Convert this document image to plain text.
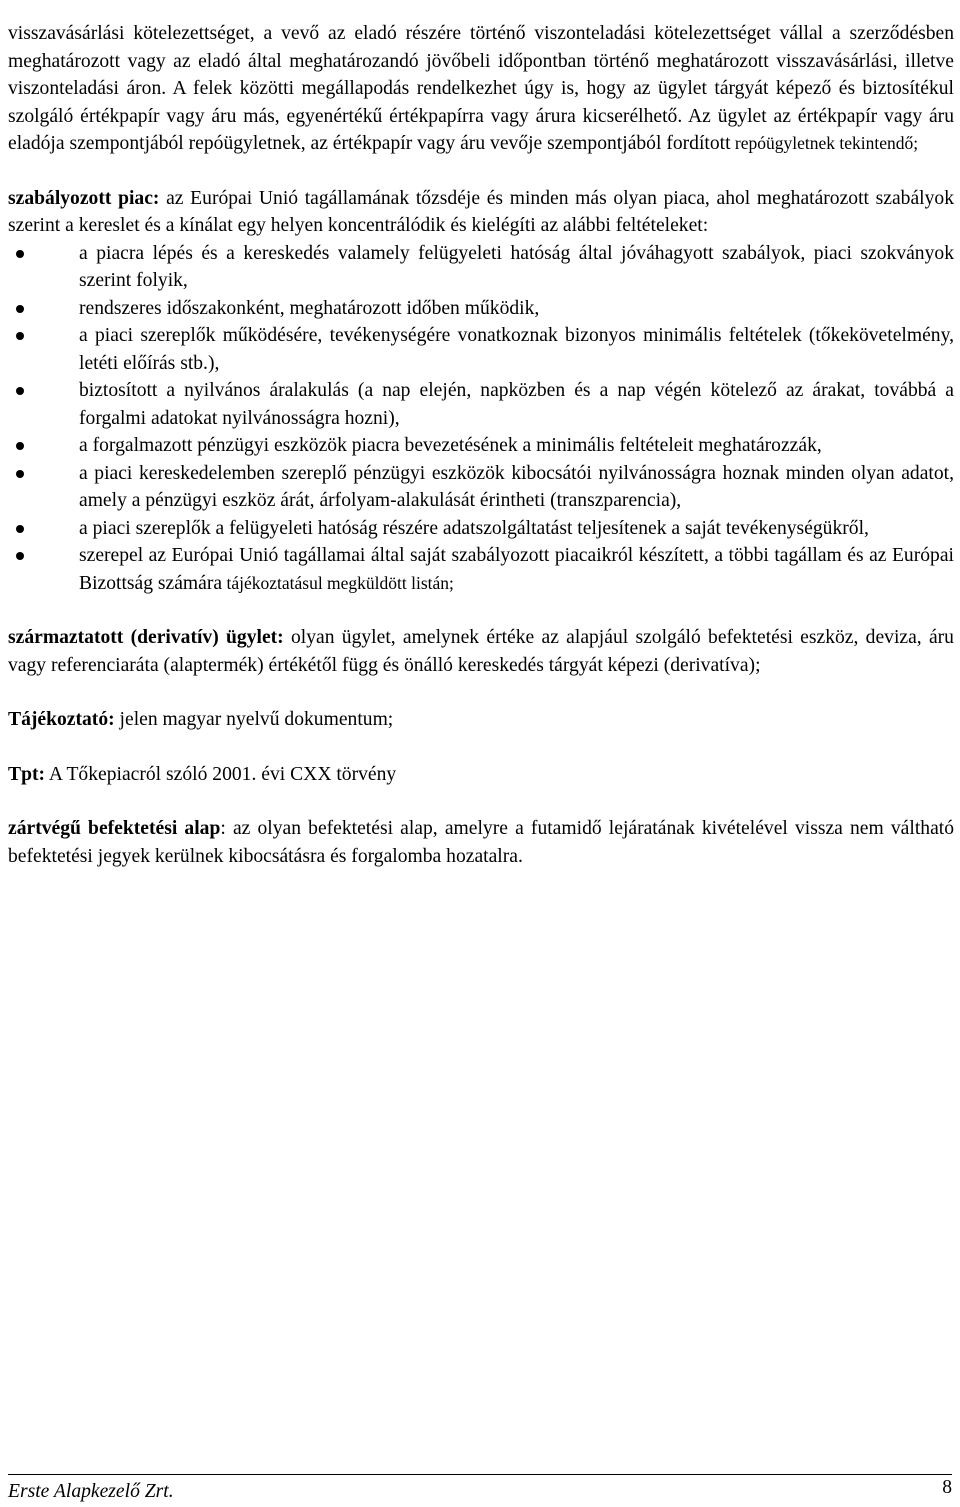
visszavásárlási kötelezettséget, a vevő az eladó részére történő viszonteladási kötelezettséget vállal a szerződésben meghatározott vagy az eladó által meghatározandó jövőbeli időpontban történő meghatározott visszavásárlási, illetve viszonteladási áron. A felek közötti megállapodás rendelkezhet úgy is, hogy az ügylet tárgyát képező és biztosítékul szolgáló értékpapír vagy áru más, egyenértékű értékpapírra vagy árura kicserélhető. Az ügylet az értékpapír vagy áru eladója szempontjából repóügyletnek, az értékpapír vagy áru vevője szempontjából fordított repóügyletnek tekintendő;

szabályozott piac: az Európai Unió tagállamának tőzsdéje és minden más olyan piaca, ahol meghatározott szabályok szerint a kereslet és a kínálat egy helyen koncentrálódik és kielégíti az alábbi feltételeket:

a piacra lépés és a kereskedés valamely felügyeleti hatóság által jóváhagyott szabályok, piaci szokványok szerint folyik,
rendszeres időszakonként, meghatározott időben működik,
a piaci szereplők működésére, tevékenységére vonatkoznak bizonyos minimális feltételek (tőkekövetelmény, letéti előírás stb.),
biztosított a nyilvános áralakulás (a nap elején, napközben és a nap végén kötelező az árakat, továbbá a forgalmi adatokat nyilvánosságra hozni),
a forgalmazott pénzügyi eszközök piacra bevezetésének a minimális feltételeit meghatározzák,
a piaci kereskedelemben szereplő pénzügyi eszközök kibocsátói nyilvánosságra hoznak minden olyan adatot, amely a pénzügyi eszköz árát, árfolyam-alakulását érintheti (transzparencia),
a piaci szereplők a felügyeleti hatóság részére adatszolgáltatást teljesítenek a saját tevékenységükről,
szerepel az Európai Unió tagállamai által saját szabályozott piacaikról készített, a többi tagállam és az Európai Bizottság számára tájékoztatásul megküldött listán;

származtatott (derivatív) ügylet: olyan ügylet, amelynek értéke az alapjául szolgáló befektetési eszköz, deviza, áru vagy referenciaráta (alaptermék) értékétől függ és önálló kereskedés tárgyát képezi (derivatíva);

Tájékoztató: jelen magyar nyelvű dokumentum;

Tpt: A Tőkepiacról szóló 2001. évi CXX törvény

zártvégű befektetési alap: az olyan befektetési alap, amelyre a futamidő lejáratának kivételével vissza nem váltható befektetési jegyek kerülnek kibocsátásra és forgalomba hozatalra.

Erste Alapkezelő Zrt.	8
